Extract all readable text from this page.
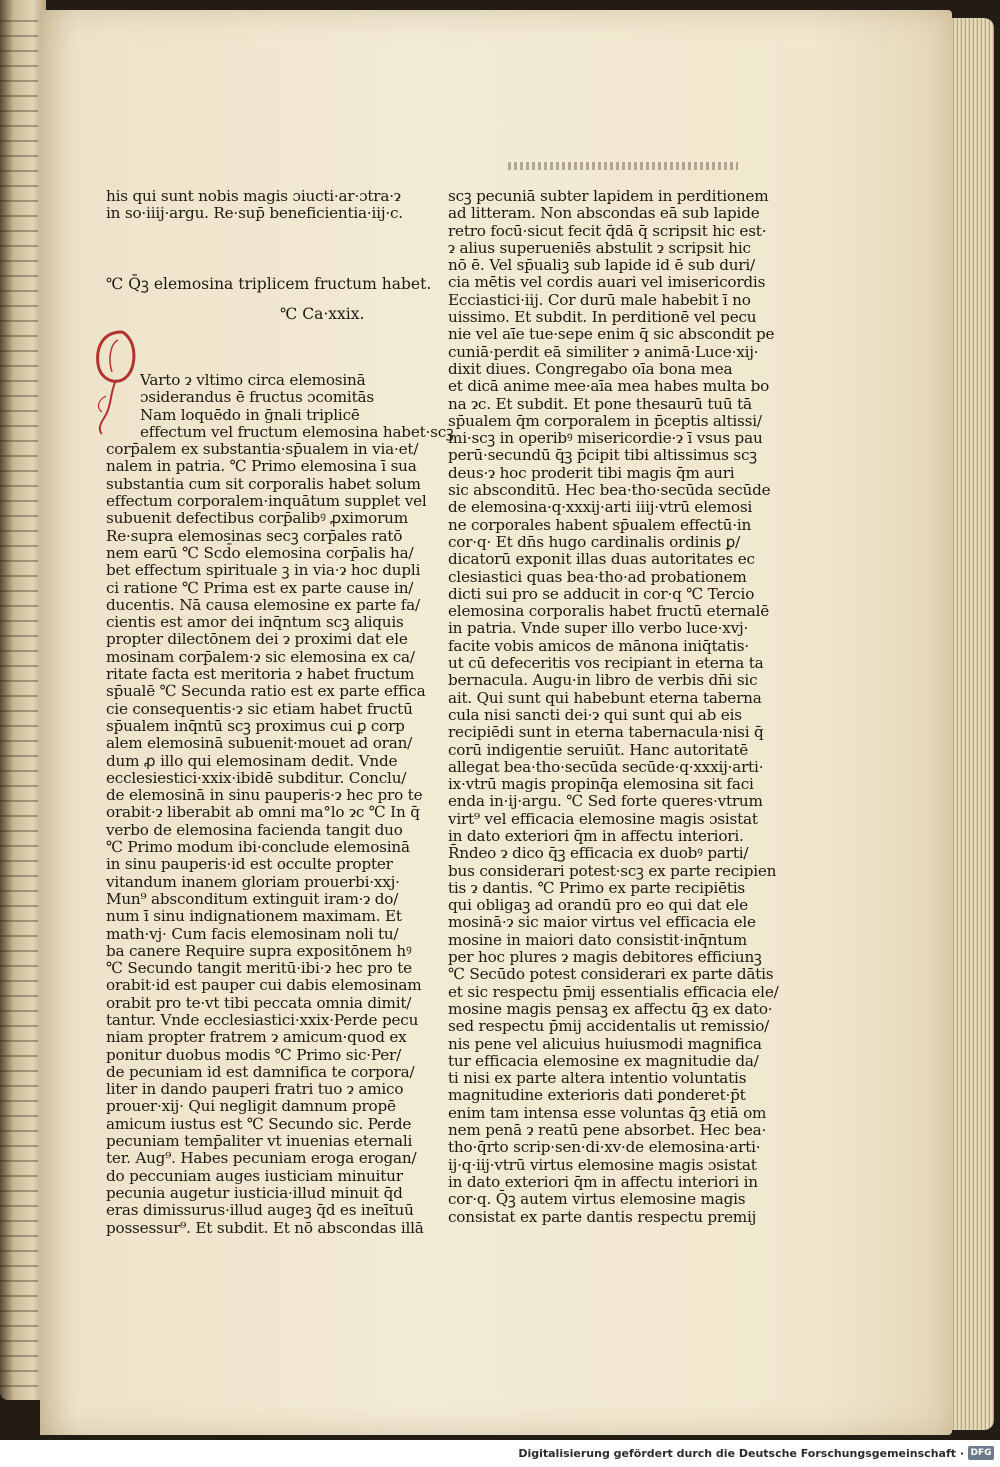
his qui sunt nobis magis ɔiucti·ar·ɔtra·ɂ
in so·iiij·argu. Re·sup̄ beneficientia·iij·c.
℃ Q̄ꝫ elemosina triplicem fructum habet.
℃ Ca·xxix.
Varto ɂ vltimo circa elemosinā
ɔsiderandus ē fructus ɔcomitās
Nam loquēdo in ḡnali triplicē
effectum vel fructum elemosina habet·scꝫ
corp̄alem ex substantia·sp̄ualem in via·et/
nalem in patria. ℃ Primo elemosina ī sua
substantia cum sit corporalis habet solum
effectum corporalem·inquātum supplet vel
subuenit defectibus corp̄alibꝰ ꝓximorum
Re·supra elemosinas secꝫ corp̄ales ratō
nem earū ℃ Scd̄o elemosina corp̄alis ha/
bet effectum spirituale ꝫ in via·ɂ hoc dupli
ci ratione ℃ Prima est ex parte cause in/
ducentis. Nā causa elemosine ex parte fa/
cientis est amor dei inq̄ntum scꝫ aliquis
propter dilectōnem dei ɂ proximi dat ele
mosinam corp̄alem·ɂ sic elemosina ex ca/
ritate facta est meritoria ɂ habet fructum
sp̄ualē ℃ Secunda ratio est ex parte effica
cie consequentis·ɂ sic etiam habet fructū
sp̄ualem inq̄ntū scꝫ proximus cui ꝑ corp
alem elemosinā subuenit·mouet ad oran/
dum ꝓ illo qui elemosinam dedit. Vnde
ecclesiestici·xxix·ibidē subditur. Conclu/
de elemosinā in sinu pauperis·ɂ hec pro te
orabit·ɂ liberabit ab omni ma°lo ɂc ℃ In q̄
verbo de elemosina facienda tangit duo
℃ Primo modum ibi·conclude elemosinā
in sinu pauperis·id est occulte propter
vitandum inanem gloriam prouerbi·xxj·
Mun⁹ absconditum extinguit iram·ɂ do/
num ī sinu indignationem maximam. Et
math·vj· Cum facis elemosinam noli tu/
ba canere Require supra expositōnem hꝰ
℃ Secundo tangit meritū·ibi·ɂ hec pro te
orabit·id est pauper cui dabis elemosinam
orabit pro te·vt tibi peccata omnia dimit/
tantur. Vnde ecclesiastici·xxix·Perde pecu
niam propter fratrem ɂ amicum·quod ex
ponitur duobus modis ℃ Primo sic·Per/
de pecuniam id est damnifica te corpora/
liter in dando pauperi fratri tuo ɂ amico
prouer·xij· Qui negligit damnum propē
amicum iustus est ℃ Secundo sic. Perde
pecuniam temp̄aliter vt inuenias eternali
ter. Aug⁹. Habes pecuniam eroga erogan/
do peccuniam auges iusticiam minuitur
pecunia augetur iusticia·illud minuit q̄d
eras dimissurus·illud augeꝫ q̄d es ineītuū
possessur⁹. Et subdit. Et nō abscondas illā
scꝫ pecuniā subter lapidem in perditionem
ad litteram. Non abscondas eā sub lapide
retro focū·sicut fecit q̄dā q̄ scripsit hic est·
ɂ alius superueniēs abstulit ɂ scripsit hic
nō ē. Vel sp̄ualiꝫ sub lapide id ē sub duri/
cia mētis vel cordis auari vel imisericordis
Ecciastici·iij. Cor durū male habebit ī no
uissimo. Et subdit. In perditionē vel pecu
nie vel aīe tue·sepe enim q̄ sic abscondit pe
cuniā·perdit eā similiter ɂ animā·Luce·xij·
dixit diues. Congregabo oīa bona mea
et dicā anime mee·aīa mea habes multa bo
na ɂc. Et subdit. Et pone thesaurū tuū tā
sp̄ualem q̄m corporalem in p̄ceptis altissi/
mi·scꝫ in operibꝰ misericordie·ɂ ī vsus pau
perū·secundū q̄ꝫ p̄cipit tibi altissimus scꝫ
deus·ɂ hoc proderit tibi magis q̄m auri
sic absconditū. Hec bea·tho·secūda secūde
de elemosina·q·xxxij·arti iiij·vtrū elemosi
ne corporales habent sp̄ualem effectū·in
cor·q· Et dn̄s hugo cardinalis ordinis ꝑ/
dicatorū exponit illas duas autoritates ec
clesiastici quas bea·tho·ad probationem
dicti sui pro se adducit in cor·q ℃ Tercio
elemosina corporalis habet fructū eternalē
in patria. Vnde super illo verbo luce·xvj·
facite vobis amicos de mānona iniq̄tatis·
ut cū defeceritis vos recipiant in eterna ta
bernacula. Augu·in libro de verbis dn̄i sic
ait. Qui sunt qui habebunt eterna taberna
cula nisi sancti dei·ɂ qui sunt qui ab eis
recipiēdi sunt in eterna tabernacula·nisi q̄
corū indigentie seruiūt. Hanc autoritatē
allegat bea·tho·secūda secūde·q·xxxij·arti·
ix·vtrū magis propinq̄a elemosina sit faci
enda in·ij·argu. ℃ Sed forte queres·vtrum
virt⁹ vel efficacia elemosine magis ɔsistat
in dato exteriori q̄m in affectu interiori.
R̄ndeo ɂ dico q̄ꝫ efficacia ex duobꝰ parti/
bus considerari potest·scꝫ ex parte recipien
tis ɂ dantis. ℃ Primo ex parte recipiētis
qui obligaꝫ ad orandū pro eo qui dat ele
mosinā·ɂ sic maior virtus vel efficacia ele
mosine in maiori dato consistit·inq̄ntum
per hoc plures ɂ magis debitores efficiunꝫ
℃ Secūdo potest considerari ex parte dātis
et sic respectu p̄mij essentialis efficacia ele/
mosine magis pensaꝫ ex affectu q̄ꝫ ex dato·
sed respectu p̄mij accidentalis ut remissio/
nis pene vel alicuius huiusmodi magnifica
tur efficacia elemosine ex magnitudie da/
ti nisi ex parte altera intentio voluntatis
magnitudine exterioris dati ꝑonderet·p̄t
enim tam intensa esse voluntas q̄ꝫ etiā om
nem penā ɂ reatū pene absorbet. Hec bea·
tho·q̄rto scrip·sen·di·xv·de elemosina·arti·
ij·q·iij·vtrū virtus elemosine magis ɔsistat
in dato exteriori q̄m in affectu interiori in
cor·q. Q̄ꝫ autem virtus elemosine magis
consistat ex parte dantis respectu premij
Digitalisierung gefördert durch die Deutsche Forschungsgemeinschaft · DFG
